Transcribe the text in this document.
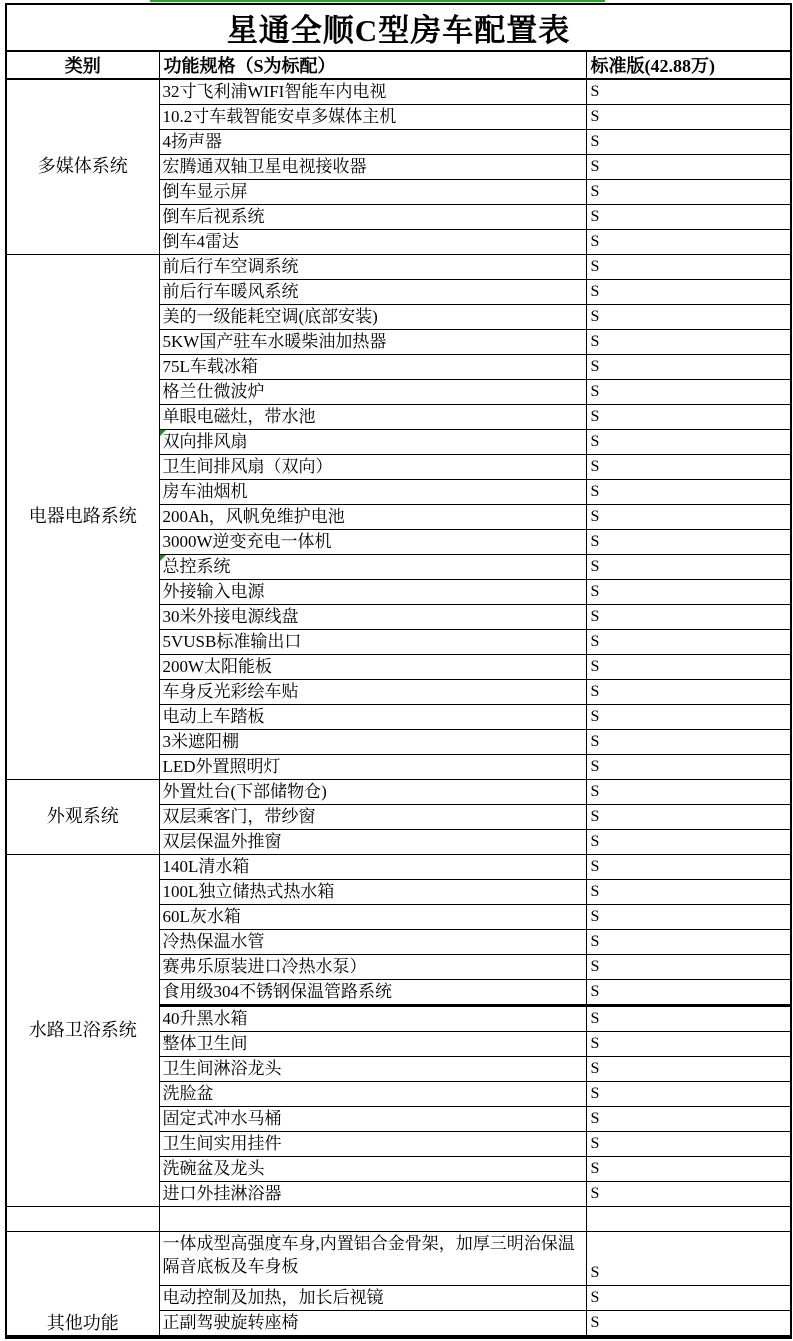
星通全顺C型房车配置表		
类别	功能规格（S为标配）	标准版(42.88万)
多媒体系统	32寸飞利浦WIFI智能车内电视	S
	10.2寸车载智能安卓多媒体主机	S
	4扬声器	S
	宏腾通双轴卫星电视接收器	S
	倒车显示屏	S
	倒车后视系统	S
	倒车4雷达	S
电器电路系统	前后行车空调系统	S
	前后行车暖风系统	S
	美的一级能耗空调(底部安装)	S
	5KW国产驻车水暖柴油加热器	S
	75L车载冰箱	S
	格兰仕微波炉	S
	单眼电磁灶，带水池	S
	双向排风扇	S
	卫生间排风扇（双向）	S
	房车油烟机	S
	200Ah，风帆免维护电池	S
	3000W逆变充电一体机	S
	总控系统	S
	外接输入电源	S
	30米外接电源线盘	S
	5VUSB标准输出口	S
	200W太阳能板	S
	车身反光彩绘车贴	S
	电动上车踏板	S
	3米遮阳棚	S
	LED外置照明灯	S
外观系统	外置灶台(下部储物仓)	S
	双层乘客门，带纱窗	S
	双层保温外推窗	S
水路卫浴系统	140L清水箱	S
	100L独立储热式热水箱	S
	60L灰水箱	S
	冷热保温水管	S
	赛弗乐原装进口冷热水泵）	S
	食用级304不锈钢保温管路系统	S
	40升黑水箱	S
	整体卫生间	S
	卫生间淋浴龙头	S
	洗脸盆	S
	固定式冲水马桶	S
	卫生间实用挂件	S
	洗碗盆及龙头	S
	进口外挂淋浴器	S

其他功能	一体成型高强度车身,内置铝合金骨架，加厚三明治保温隔音底板及车身板	S
	电动控制及加热，加长后视镜	S
	正副驾驶旋转座椅	S
